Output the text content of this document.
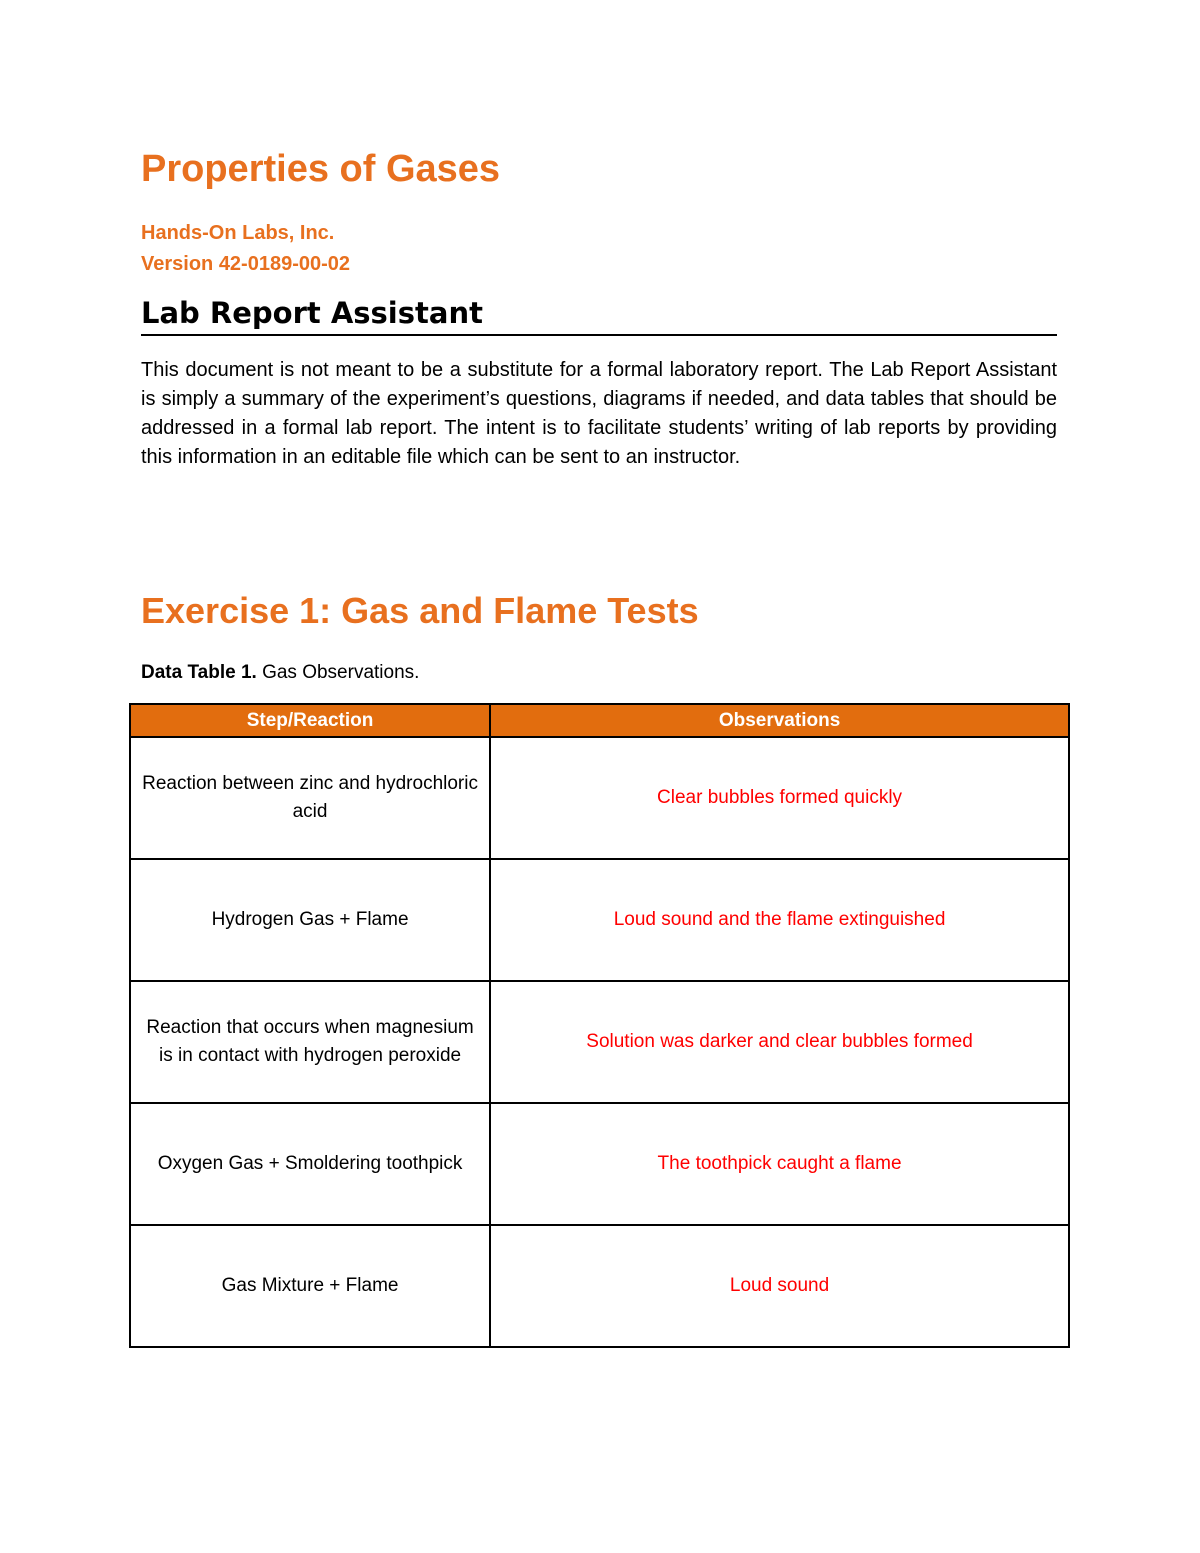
Properties of Gases

Hands-On Labs, Inc.

Version 42-0189-00-02

Lab Report Assistant

This document is not meant to be a substitute for a formal laboratory report. The Lab Report Assistant is simply a summary of the experiment’s questions, diagrams if needed, and data tables that should be addressed in a formal lab report. The intent is to facilitate students’ writing of lab reports by providing this information in an editable file which can be sent to an instructor.

Exercise 1: Gas and Flame Tests

Data Table 1. Gas Observations.

Step/Reaction	Observations
Reaction between zinc and hydrochloric acid	Clear bubbles formed quickly
Hydrogen Gas + Flame	Loud sound and the flame extinguished
Reaction that occurs when magnesium is in contact with hydrogen peroxide	Solution was darker and clear bubbles formed
Oxygen Gas + Smoldering toothpick	The toothpick caught a flame
Gas Mixture + Flame	Loud sound
